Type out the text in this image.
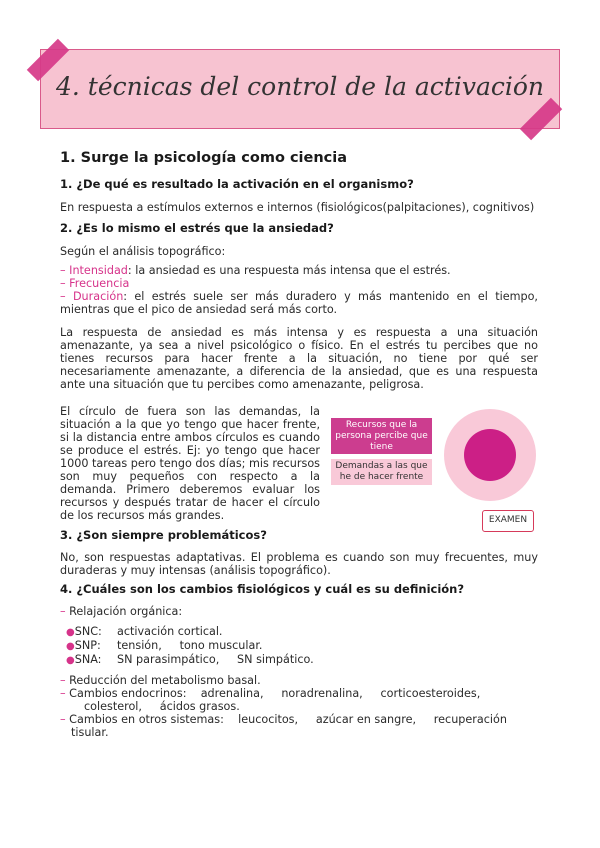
4. técnicas del control de la activación
1. Surge la psicología como ciencia
1. ¿De qué es resultado la activación en el organismo?
En respuesta a estímulos externos e internos (fisiológicos(palpitaciones), cognitivos)
2. ¿Es lo mismo el estrés que la ansiedad?
Según el análisis topográfico:
– Intensidad: la ansiedad es una respuesta más intensa que el estrés.
– Frecuencia
– Duración: el estrés suele ser más duradero y más mantenido en el tiempo, mientras que el pico de ansiedad será más corto.
La respuesta de ansiedad es más intensa y es respuesta a una situación amenazante, ya sea a nivel psicológico o físico. En el estrés tu percibes que no tienes recursos para hacer frente a la situación, no tiene por qué ser necesariamente amenazante, a diferencia de la ansiedad, que es una respuesta ante una situación que tu percibes como amenazante, peligrosa.
El círculo de fuera son las demandas, la situación a la que yo tengo que hacer frente, si la distancia entre ambos círculos es cuando se produce el estrés. Ej: yo tengo que hacer 1000 tareas pero tengo dos días; mis recursos son muy pequeños con respecto a la demanda. Primero deberemos evaluar los recursos y después tratar de hacer el círculo de los recursos más grandes.
Recursos que la persona percibe que tiene
Demandas a las que he de hacer frente
EXAMEN
3. ¿Son siempre problemáticos?
No, son respuestas adaptativas. El problema es cuando son muy frecuentes, muy duraderas y muy intensas (análisis topográfico).
4. ¿Cuáles son los cambios fisiológicos y cuál es su definición?
– Relajación orgánica:
●SNC: activación cortical.
●SNP: tensión,     tono muscular.
●SNA: SN parasimpático,     SN simpático.
– Reducción del metabolismo basal.
– Cambios endocrinos:    adrenalina,     noradrenalina,     corticoesteroides,
colesterol,     ácidos grasos.
– Cambios en otros sistemas:    leucocitos,     azúcar en sangre,     recuperación
tisular.
